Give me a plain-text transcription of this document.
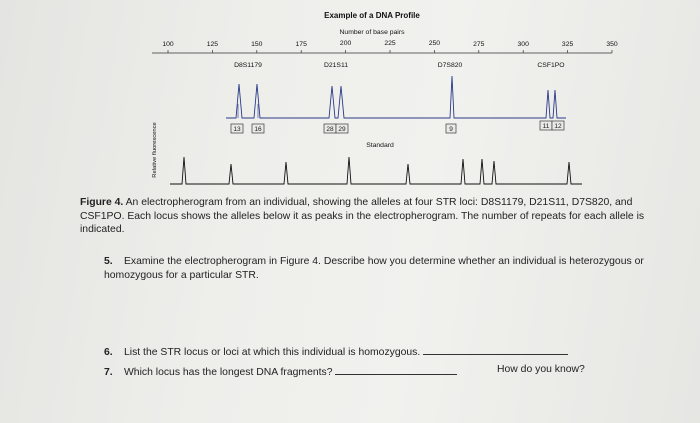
Example of a DNA Profile
Number of base pairs
100	125	150	175	200	225	250	275	300	325	350
D8S1179	D21S11	D7S820	CSF1PO
13 16	28 29	9	11 12
Relative fluorescence	Standard
Figure 4. An electropherogram from an individual, showing the alleles at four STR loci: D8S1179, D21S11, D7S820, and CSF1PO. Each locus shows the alleles below it as peaks in the electropherogram. The number of repeats for each allele is indicated.
5. Examine the electropherogram in Figure 4. Describe how you determine whether an individual is heterozygous or homozygous for a particular STR.
6. List the STR locus or loci at which this individual is homozygous.
7. Which locus has the longest DNA fragments?	How do you know?
